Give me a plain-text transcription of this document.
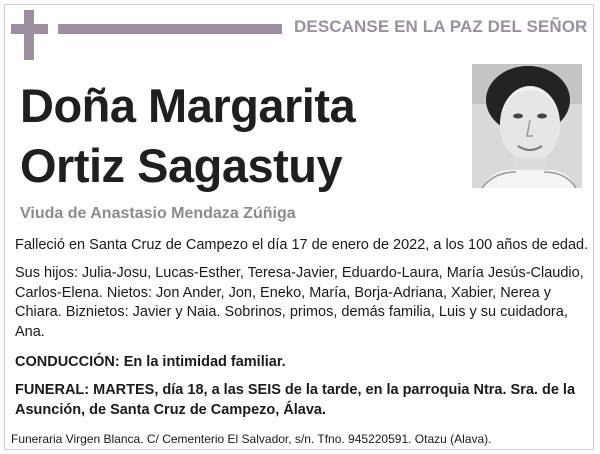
DESCANSE EN LA PAZ DEL SEÑOR
Doña Margarita
Ortiz Sagastuy
Viuda de Anastasio Mendaza Zúñiga
Falleció en Santa Cruz de Campezo el día 17 de enero de 2022, a los 100 años de edad.
Sus hijos: Julia-Josu, Lucas-Esther, Teresa-Javier, Eduardo-Laura, María Jesús-Claudio, Carlos-Elena. Nietos: Jon Ander, Jon, Eneko, María, Borja-Adriana, Xabier, Nerea y Chiara. Biznietos: Javier y Naia. Sobrinos, primos, demás familia, Luis y su cuidadora, Ana.
CONDUCCIÓN: En la intimidad familiar.
FUNERAL: MARTES, día 18, a las SEIS de la tarde, en la parroquia Ntra. Sra. de la Asunción, de Santa Cruz de Campezo, Álava.
Funeraria Virgen Blanca. C/ Cementerio El Salvador, s/n. Tfno. 945220591. Otazu (Alava).
